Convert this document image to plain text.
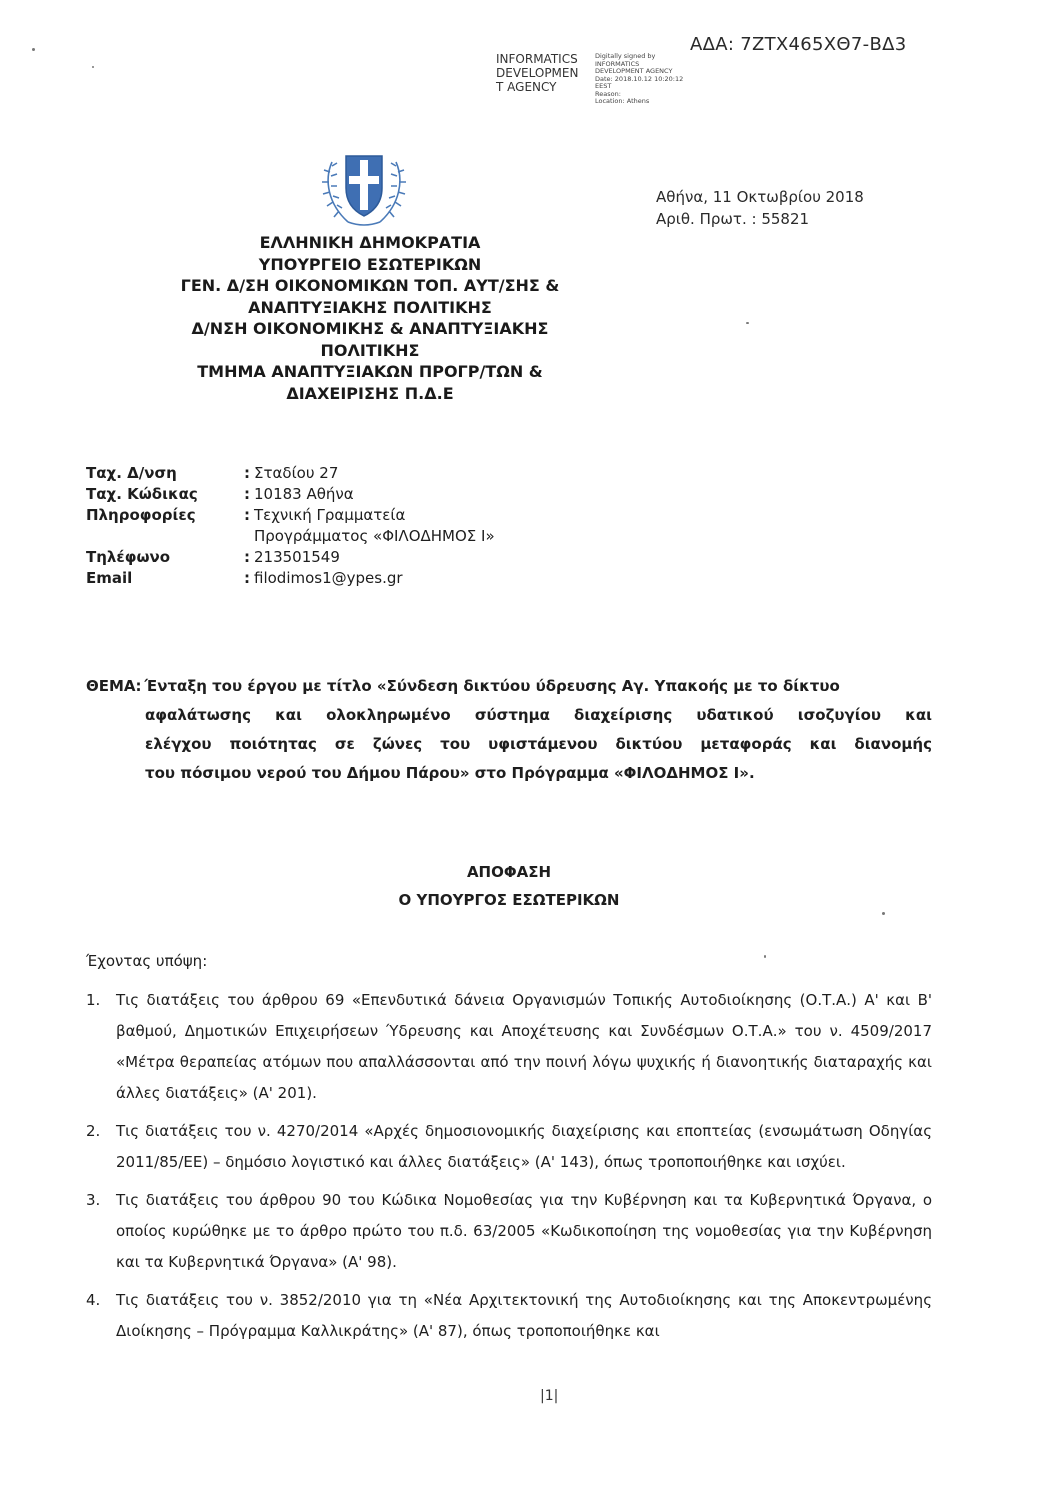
ΑΔΑ: 7ΖΤΧ465ΧΘ7-ΒΔ3
INFORMATICS
DEVELOPMEN
T AGENCY
Digitally signed by
INFORMATICS
DEVELOPMENT AGENCY
Date: 2018.10.12 10:20:12
EEST
Reason:
Location: Athens
Αθήνα, 11 Οκτωβρίου 2018
Αριθ. Πρωτ. : 55821
ΕΛΛΗΝΙΚΗ ΔΗΜΟΚΡΑΤΙΑ
ΥΠΟΥΡΓΕΙΟ ΕΣΩΤΕΡΙΚΩΝ
ΓΕΝ. Δ/ΣΗ ΟΙΚΟΝΟΜΙΚΩΝ ΤΟΠ. ΑΥΤ/ΣΗΣ &
ΑΝΑΠΤΥΞΙΑΚΗΣ ΠΟΛΙΤΙΚΗΣ
Δ/ΝΣΗ ΟΙΚΟΝΟΜΙΚΗΣ & ΑΝΑΠΤΥΞΙΑΚΗΣ
ΠΟΛΙΤΙΚΗΣ
ΤΜΗΜΑ ΑΝΑΠΤΥΞΙΑΚΩΝ ΠΡΟΓΡ/ΤΩΝ &
ΔΙΑΧΕΙΡΙΣΗΣ Π.Δ.Ε
Ταχ. Δ/νση	: Σταδίου 27
Ταχ. Κώδικας	: 10183 Αθήνα
Πληροφορίες	: Τεχνική Γραμματεία
Προγράμματος «ΦΙΛΟΔΗΜΟΣ Ι»
Τηλέφωνο	: 213501549
Email	: filodimos1@ypes.gr
ΘΕΜΑ: Ένταξη του έργου με τίτλο «Σύνδεση δικτύου ύδρευσης Αγ. Υπακοής με το δίκτυο
αφαλάτωσης και ολοκληρωμένο σύστημα διαχείρισης υδατικού ισοζυγίου και
ελέγχου ποιότητας σε ζώνες του υφιστάμενου δικτύου μεταφοράς και διανομής
του πόσιμου νερού του Δήμου Πάρου» στο Πρόγραμμα «ΦΙΛΟΔΗΜΟΣ Ι».
ΑΠΟΦΑΣΗ
Ο ΥΠΟΥΡΓΟΣ ΕΣΩΤΕΡΙΚΩΝ
Έχοντας υπόψη:
1.	Τις διατάξεις του άρθρου 69 «Επενδυτικά δάνεια Οργανισμών Τοπικής Αυτοδιοίκησης (Ο.Τ.Α.) Α' και Β' βαθμού, Δημοτικών Επιχειρήσεων Ύδρευσης και Αποχέτευσης και Συνδέσμων Ο.Τ.Α.» του ν. 4509/2017 «Μέτρα θεραπείας ατόμων που απαλλάσσονται από την ποινή λόγω ψυχικής ή διανοητικής διαταραχής και άλλες διατάξεις» (Α' 201).
2.	Τις διατάξεις του ν. 4270/2014 «Αρχές δημοσιονομικής διαχείρισης και εποπτείας (ενσωμάτωση Οδηγίας 2011/85/ΕΕ) – δημόσιο λογιστικό και άλλες διατάξεις» (Α' 143), όπως τροποποιήθηκε και ισχύει.
3.	Τις διατάξεις του άρθρου 90 του Κώδικα Νομοθεσίας για την Κυβέρνηση και τα Κυβερνητικά Όργανα, ο οποίος κυρώθηκε με το άρθρο πρώτο του π.δ. 63/2005 «Κωδικοποίηση της νομοθεσίας για την Κυβέρνηση και τα Κυβερνητικά Όργανα» (Α' 98).
4.	Τις διατάξεις του ν. 3852/2010 για τη «Νέα Αρχιτεκτονική της Αυτοδιοίκησης και της Αποκεντρωμένης Διοίκησης – Πρόγραμμα Καλλικράτης» (Α' 87), όπως τροποποιήθηκε και
|1|
